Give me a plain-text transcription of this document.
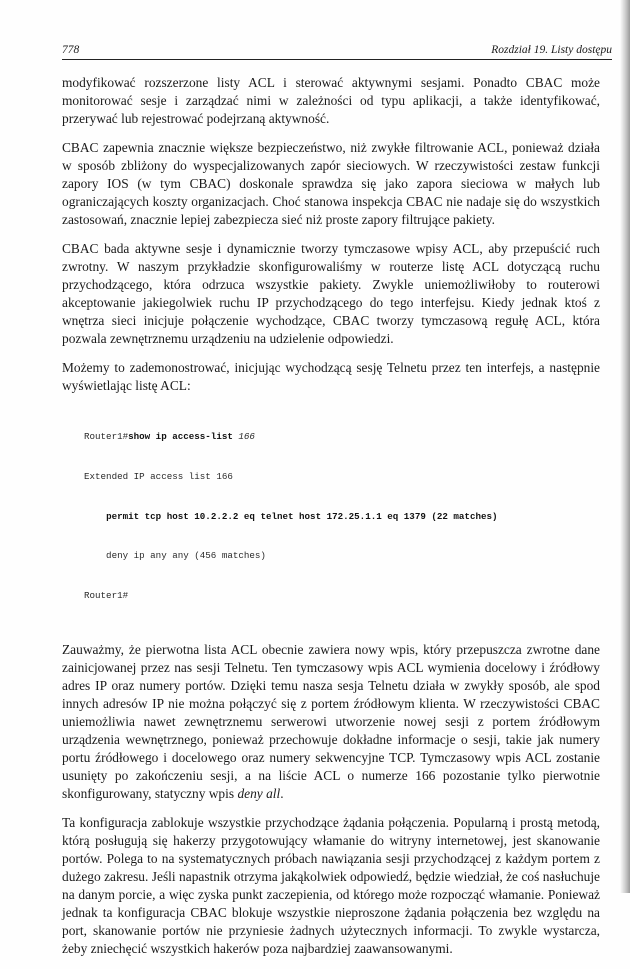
778	Rozdział 19. Listy dostępu

modyfikować rozszerzone listy ACL i sterować aktywnymi sesjami. Ponadto CBAC może monitorować sesje i zarządzać nimi w zależności od typu aplikacji, a także identyfikować, przerywać lub rejestrować podejrzaną aktywność.

CBAC zapewnia znacznie większe bezpieczeństwo, niż zwykłe filtrowanie ACL, ponieważ działa w sposób zbliżony do wyspecjalizowanych zapór sieciowych. W rzeczywistości zestaw funkcji zapory IOS (w tym CBAC) doskonale sprawdza się jako zapora sieciowa w małych lub ograniczających koszty organizacjach. Choć stanowa inspekcja CBAC nie nadaje się do wszystkich zastosowań, znacznie lepiej zabezpiecza sieć niż proste zapory filtrujące pakiety.

CBAC bada aktywne sesje i dynamicznie tworzy tymczasowe wpisy ACL, aby przepuścić ruch zwrotny. W naszym przykładzie skonfigurowaliśmy w routerze listę ACL dotyczącą ruchu przychodzącego, która odrzuca wszystkie pakiety. Zwykle uniemożliwiłoby to routerowi akceptowanie jakiegolwiek ruchu IP przychodzącego do tego interfejsu. Kiedy jednak ktoś z wnętrza sieci inicjuje połączenie wychodzące, CBAC tworzy tymczasową regułę ACL, która pozwala zewnętrznemu urządzeniu na udzielenie odpowiedzi.

Możemy to zademonostrować, inicjując wychodzącą sesję Telnetu przez ten interfejs, a następnie wyświetlając listę ACL:

Router1#show ip access-list 166

Extended IP access list 166

permit tcp host 10.2.2.2 eq telnet host 172.25.1.1 eq 1379 (22 matches)

deny ip any any (456 matches)

Router1#

Zauważmy, że pierwotna lista ACL obecnie zawiera nowy wpis, który przepuszcza zwrotne dane zainicjowanej przez nas sesji Telnetu. Ten tymczasowy wpis ACL wymienia docelowy i źródłowy adres IP oraz numery portów. Dzięki temu nasza sesja Telnetu działa w zwykły sposób, ale spod innych adresów IP nie można połączyć się z portem źródłowym klienta. W rzeczywistości CBAC uniemożliwia nawet zewnętrznemu serwerowi utworzenie nowej sesji z portem źródłowym urządzenia wewnętrznego, ponieważ przechowuje dokładne informacje o sesji, takie jak numery portu źródłowego i docelowego oraz numery sekwencyjne TCP. Tymczasowy wpis ACL zostanie usunięty po zakończeniu sesji, a na liście ACL o numerze 166 pozostanie tylko pierwotnie skonfigurowany, statyczny wpis deny all.

Ta konfiguracja zablokuje wszystkie przychodzące żądania połączenia. Popularną i prostą metodą, którą posługują się hakerzy przygotowujący włamanie do witryny internetowej, jest skanowanie portów. Polega to na systematycznych próbach nawiązania sesji przychodzącej z każdym portem z dużego zakresu. Jeśli napastnik otrzyma jakąkolwiek odpowiedź, będzie wiedział, że coś nasłuchuje na danym porcie, a więc zyska punkt zaczepienia, od którego może rozpocząć włamanie. Ponieważ jednak ta konfiguracja CBAC blokuje wszystkie nieproszone żądania połączenia bez względu na port, skanowanie portów nie przyniesie żadnych użytecznych informacji. To zwykle wystarcza, żeby zniechęcić wszystkich hakerów poza najbardziej zaawansowanymi.
